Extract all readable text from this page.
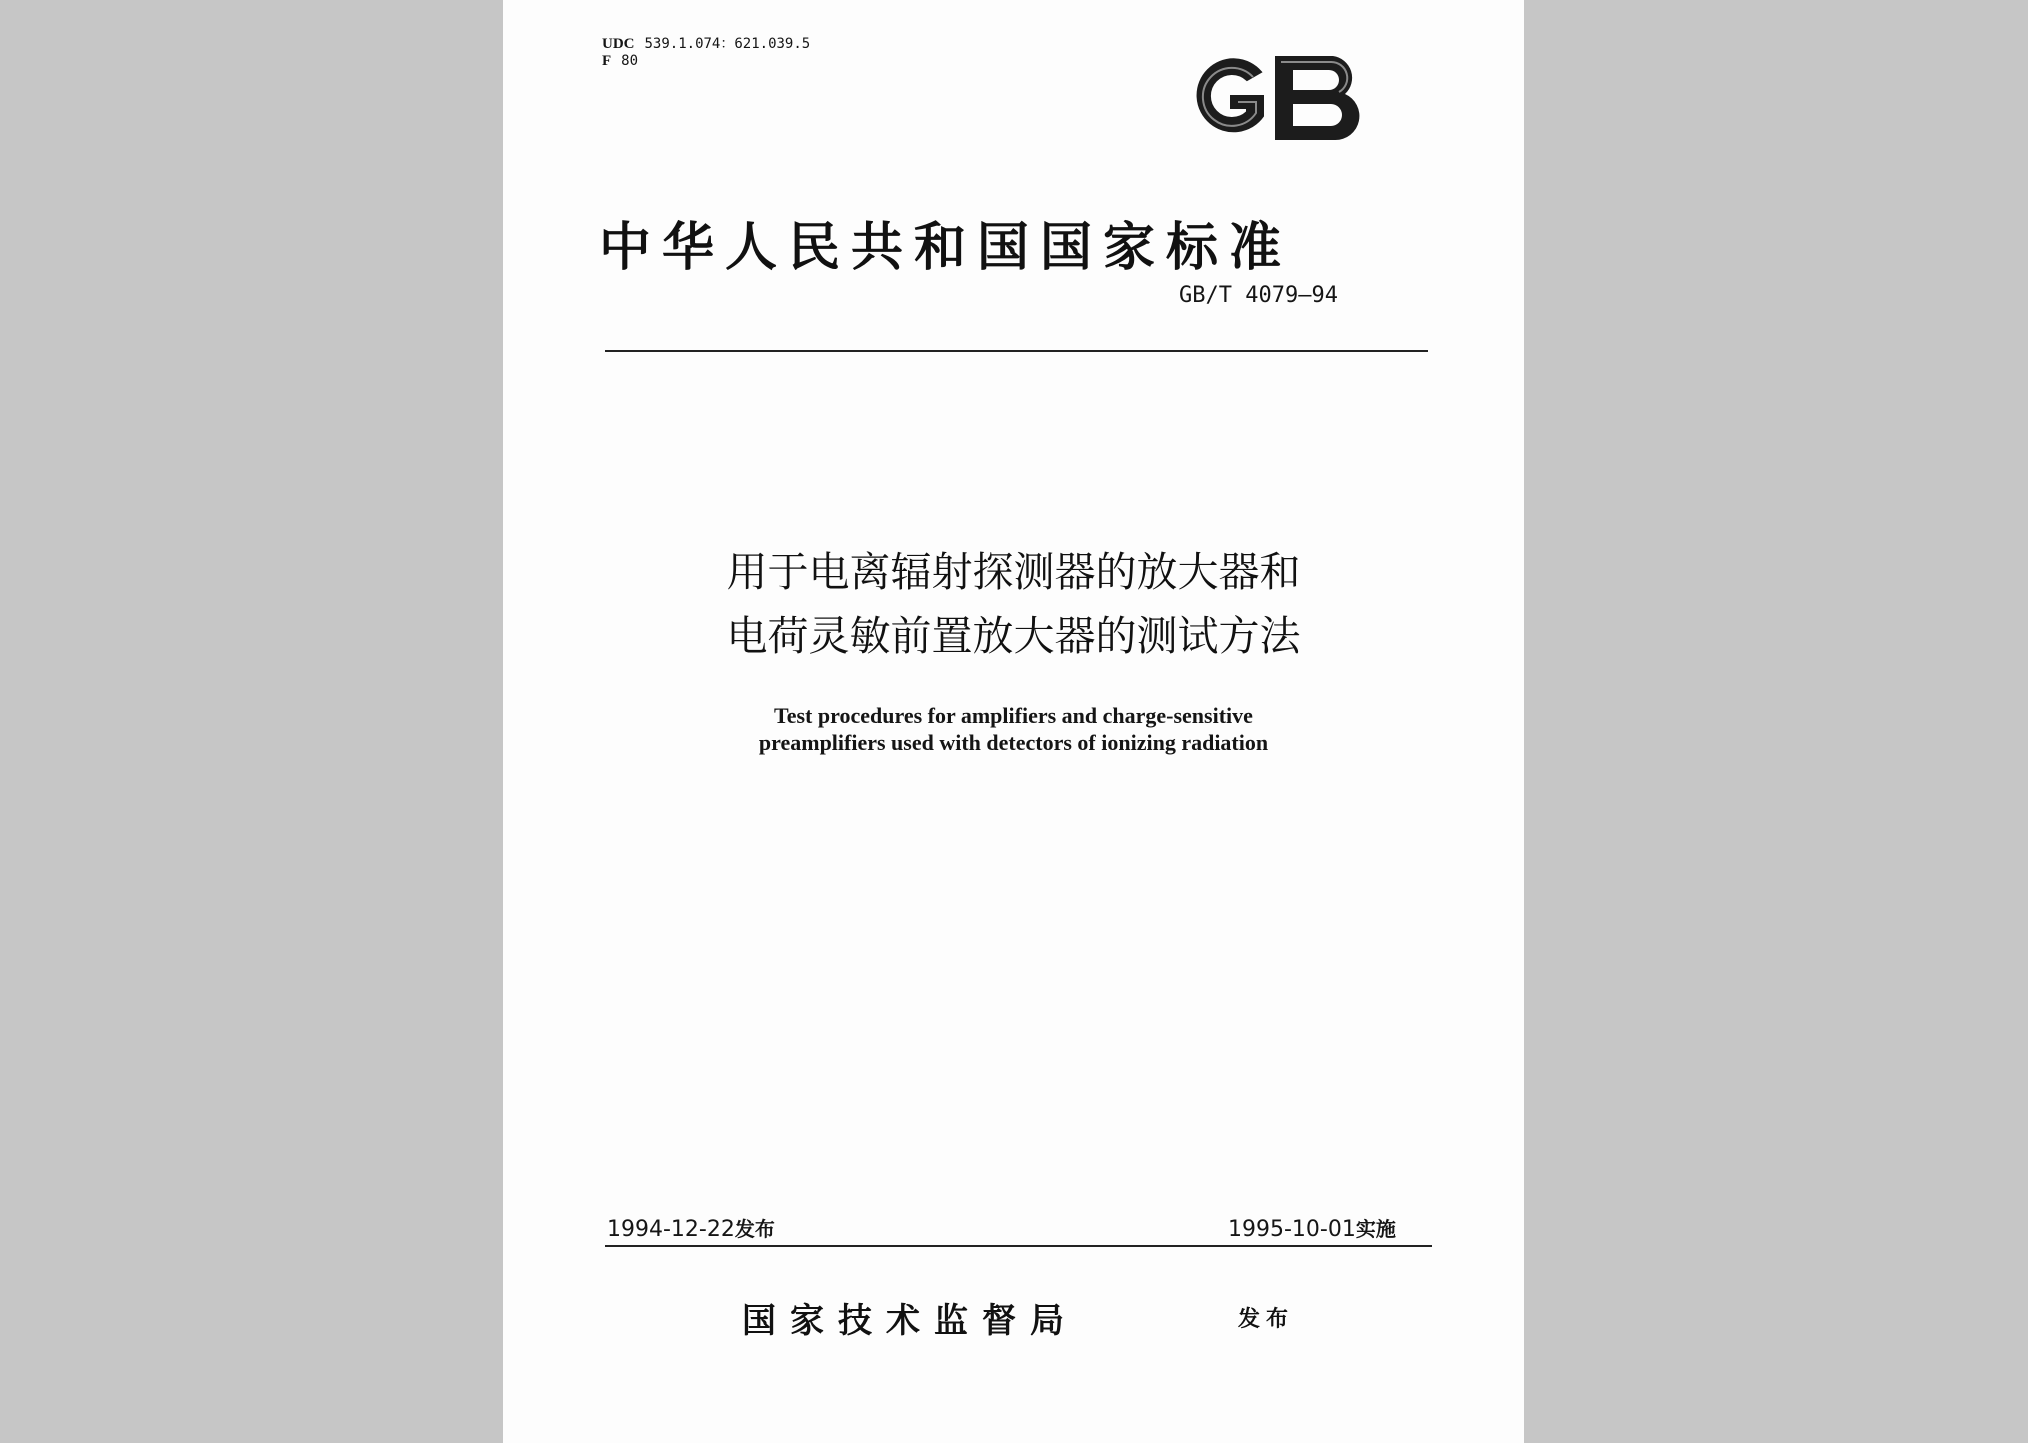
UDC 539.1.074：621.039.5
F 80
中华人民共和国国家标准
GB/T 4079—94
用于电离辐射探测器的放大器和
电荷灵敏前置放大器的测试方法
Test procedures for amplifiers and charge-sensitive
preamplifiers used with detectors of ionizing radiation
1994-12-22发布	1995-10-01实施
国家技术监督局	发布
